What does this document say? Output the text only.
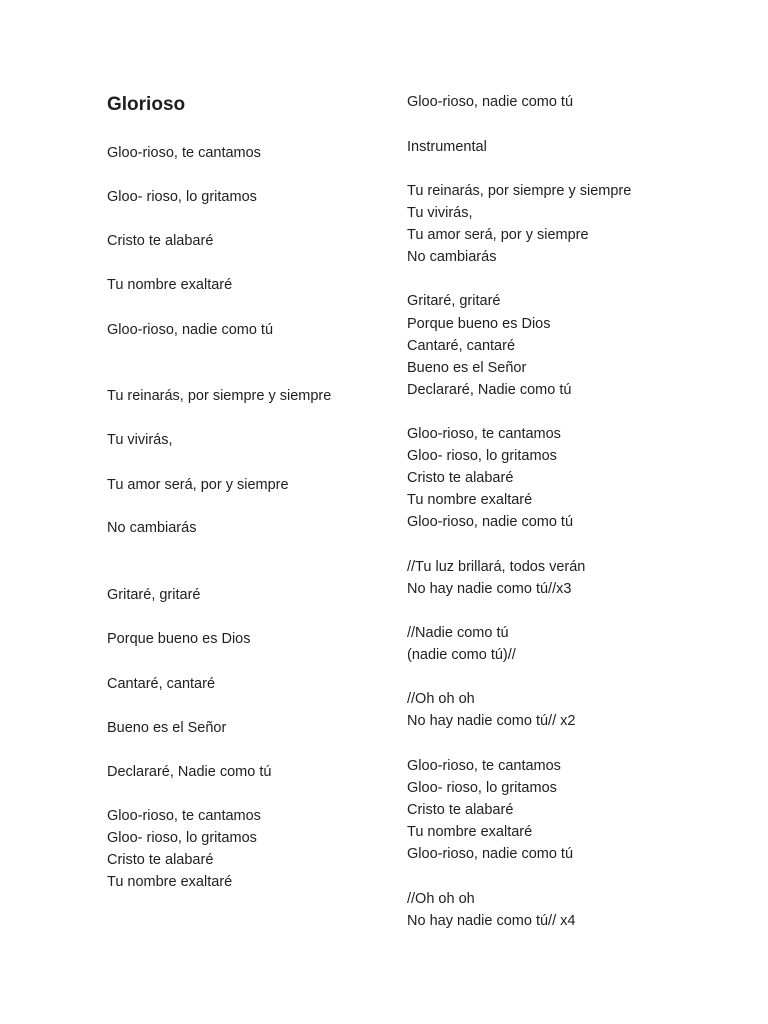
Glorioso
Gloo-rioso, te cantamos
Gloo- rioso, lo gritamos
Cristo te alabaré
Tu nombre exaltaré
Gloo-rioso, nadie como tú
Tu reinarás, por siempre y siempre
Tu vivirás,
Tu amor será, por y siempre
No cambiarás
Gritaré, gritaré
Porque bueno es Dios
Cantaré, cantaré
Bueno es el Señor
Declararé, Nadie como tú
Gloo-rioso, te cantamos
Gloo- rioso, lo gritamos
Cristo te alabaré
Tu nombre exaltaré
Gloo-rioso, nadie como tú
Instrumental
Tu reinarás, por siempre y siempre
Tu vivirás,
Tu amor será, por y siempre
No cambiarás
Gritaré, gritaré
Porque bueno es Dios
Cantaré, cantaré
Bueno es el Señor
Declararé, Nadie como tú
Gloo-rioso, te cantamos
Gloo- rioso, lo gritamos
Cristo te alabaré
Tu nombre exaltaré
Gloo-rioso, nadie como tú
//Tu luz brillará, todos verán
No hay nadie como tú//x3
//Nadie como tú
(nadie como tú)//
//Oh oh oh
No hay nadie como tú// x2
Gloo-rioso, te cantamos
Gloo- rioso, lo gritamos
Cristo te alabaré
Tu nombre exaltaré
Gloo-rioso, nadie como tú
//Oh oh oh
No hay nadie como tú// x4
